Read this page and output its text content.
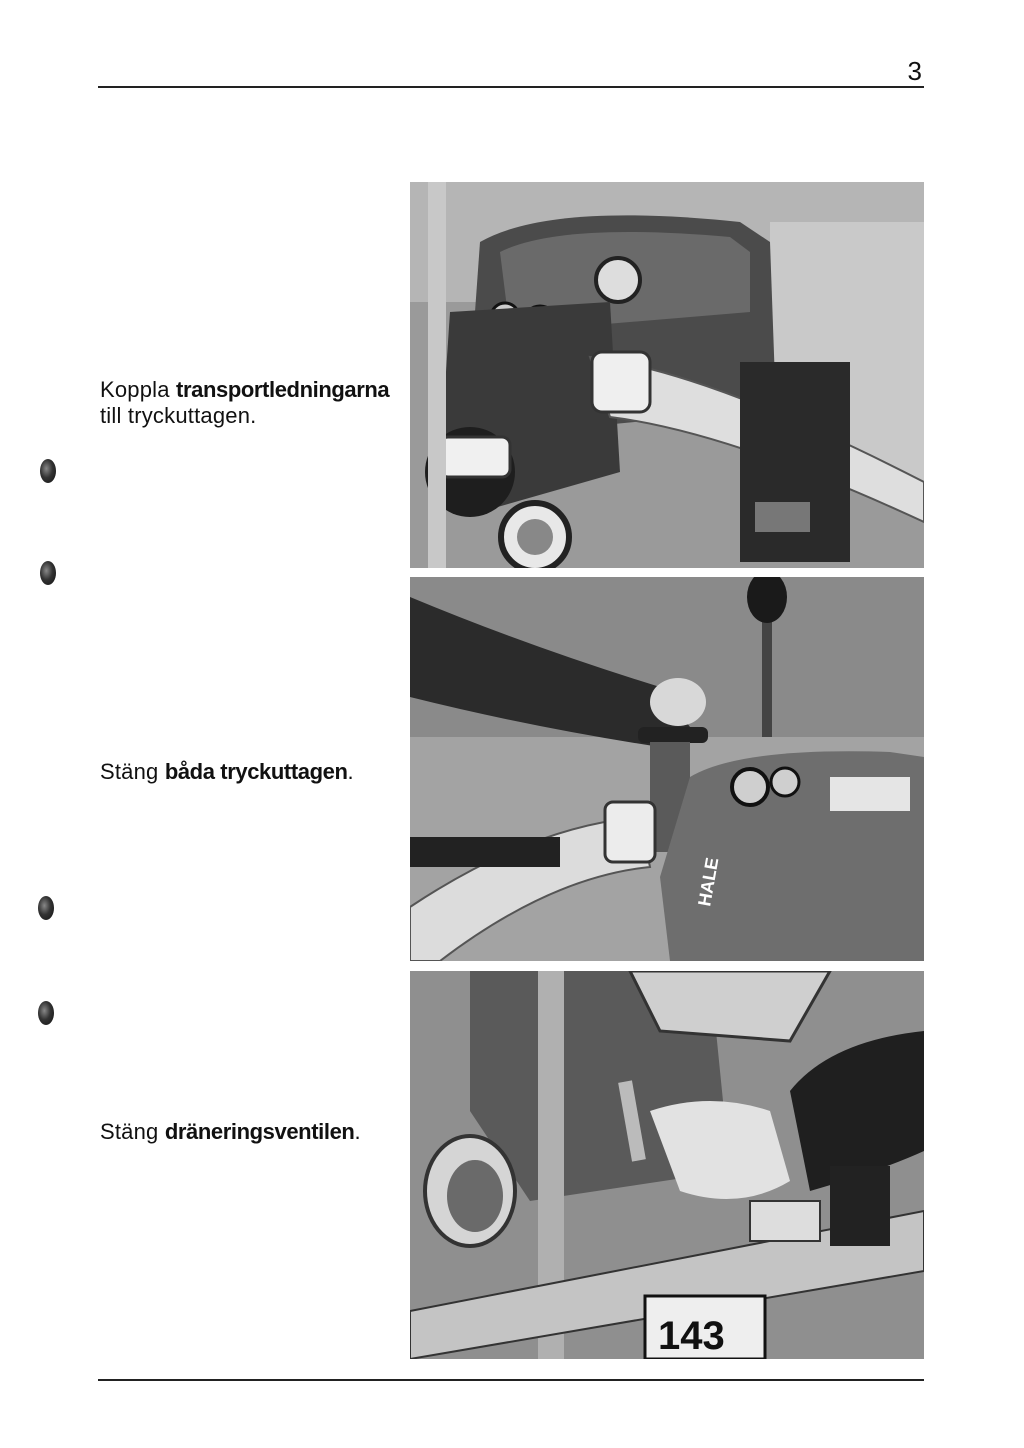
3
Koppla transportledningarna
till tryckuttagen.
Stäng båda tryckuttagen.
HALE
Stäng dräneringsventilen.
143
